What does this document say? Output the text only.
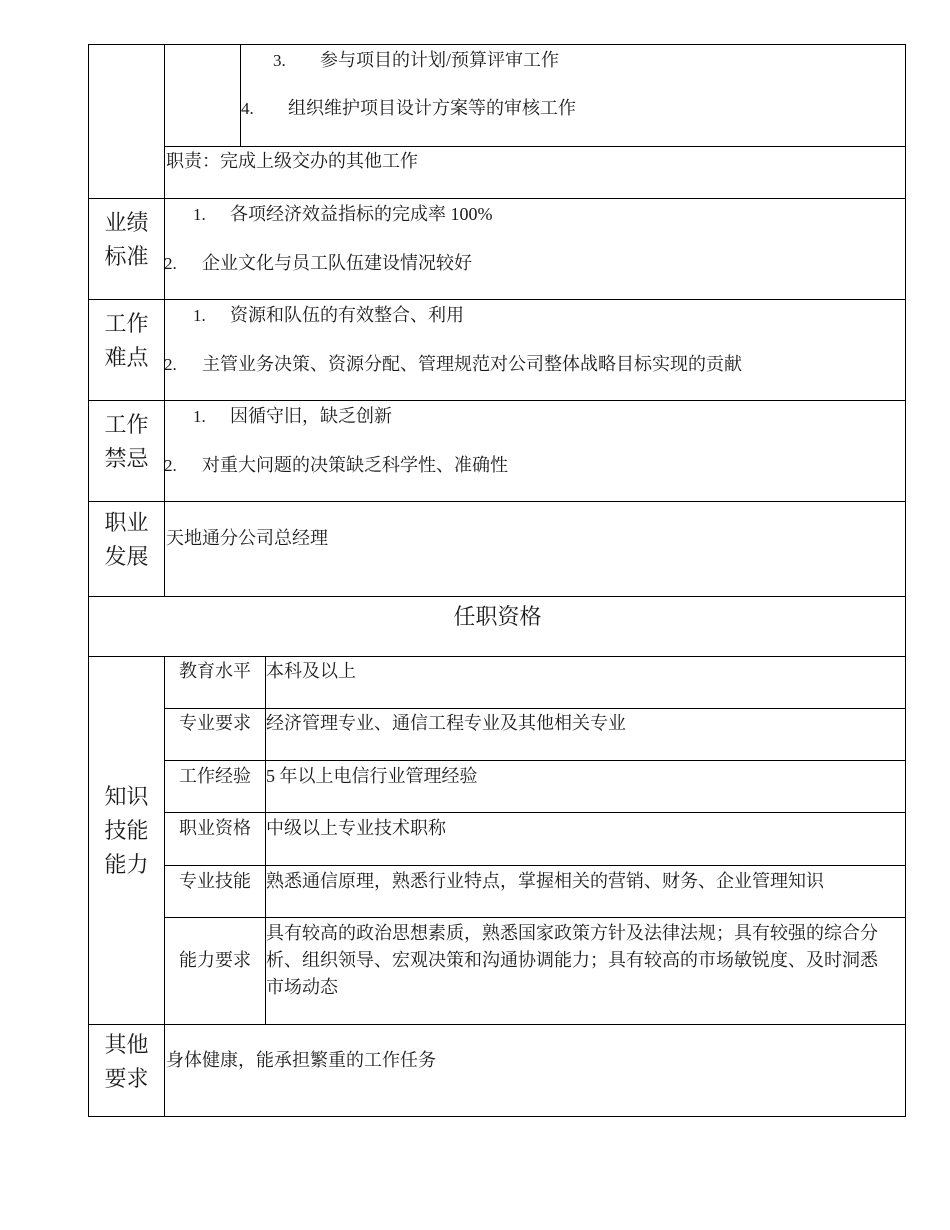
3. 参与项目的计划/预算评审工作
4. 组织维护项目设计方案等的审核工作
职责：完成上级交办的其他工作
业绩
标准
1. 各项经济效益指标的完成率 100%
2. 企业文化与员工队伍建设情况较好
工作
难点
1. 资源和队伍的有效整合、利用
2. 主管业务决策、资源分配、管理规范对公司整体战略目标实现的贡献
工作
禁忌
1. 因循守旧，缺乏创新
2. 对重大问题的决策缺乏科学性、准确性
职业
发展
天地通分公司总经理
任职资格
知识
技能
能力
教育水平 本科及以上
专业要求 经济管理专业、通信工程专业及其他相关专业
工作经验 5 年以上电信行业管理经验
职业资格 中级以上专业技术职称
专业技能 熟悉通信原理，熟悉行业特点，掌握相关的营销、财务、企业管理知识
能力要求
具有较高的政治思想素质，熟悉国家政策方针及法律法规；具有较强的综合分析、组织领导、宏观决策和沟通协调能力；具有较高的市场敏锐度、及时洞悉市场动态
其他
要求
身体健康，能承担繁重的工作任务
